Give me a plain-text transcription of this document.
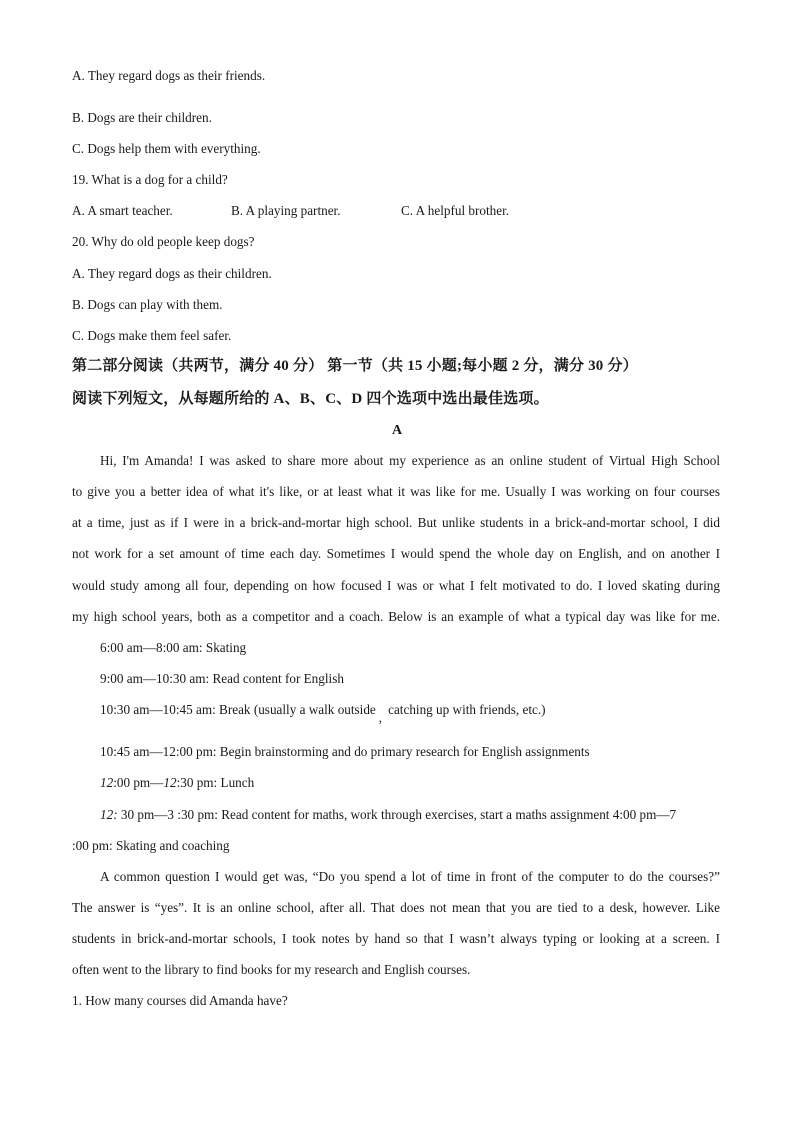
A. They regard dogs as their friends.
B. Dogs are their children.
C. Dogs help them with everything.
19. What is a dog for a child?
A. A smart teacher.	B. A playing partner.	C. A helpful brother.
20. Why do old people keep dogs?
A. They regard dogs as their children.
B. Dogs can play with them.
C. Dogs make them feel safer.
第二部分阅读（共两节，满分 40 分） 第一节（共 15 小题;每小题 2 分，满分 30 分）
阅读下列短文，从每题所给的 A、B、C、D 四个选项中选出最佳选项。
A
Hi, I'm Amanda! I was asked to share more about my experience as an online student of Virtual High School
to give you a better idea of what it's like, or at least what it was like for me. Usually I was working on four courses
at a time, just as if I were in a brick-and-mortar high school. But unlike students in a brick-and-mortar school, I did
not work for a set amount of time each day. Sometimes I would spend the whole day on English, and on another I
would study among all four, depending on how focused I was or what I felt motivated to do. I loved skating during
my high school years, both as a competitor and a coach. Below is an example of what a typical day was like for me.
6:00 am—8:00 am: Skating
9:00 am—10:30 am: Read content for English
10:30 am—10:45 am: Break (usually a walk outside,catching up with friends, etc.)
10:45 am—12:00 pm: Begin brainstorming and do primary research for English assignments
12:00 pm—12:30 pm: Lunch
12: 30 pm—3 :30 pm: Read content for maths, work through exercises, start a maths assignment 4:00 pm—7
:00 pm: Skating and coaching
A common question I would get was, “Do you spend a lot of time in front of the computer to do the courses?”
The answer is “yes”. It is an online school, after all. That does not mean that you are tied to a desk, however. Like
students in brick-and-mortar schools, I took notes by hand so that I wasn’t always typing or looking at a screen. I
often went to the library to find books for my research and English courses.
1. How many courses did Amanda have?
